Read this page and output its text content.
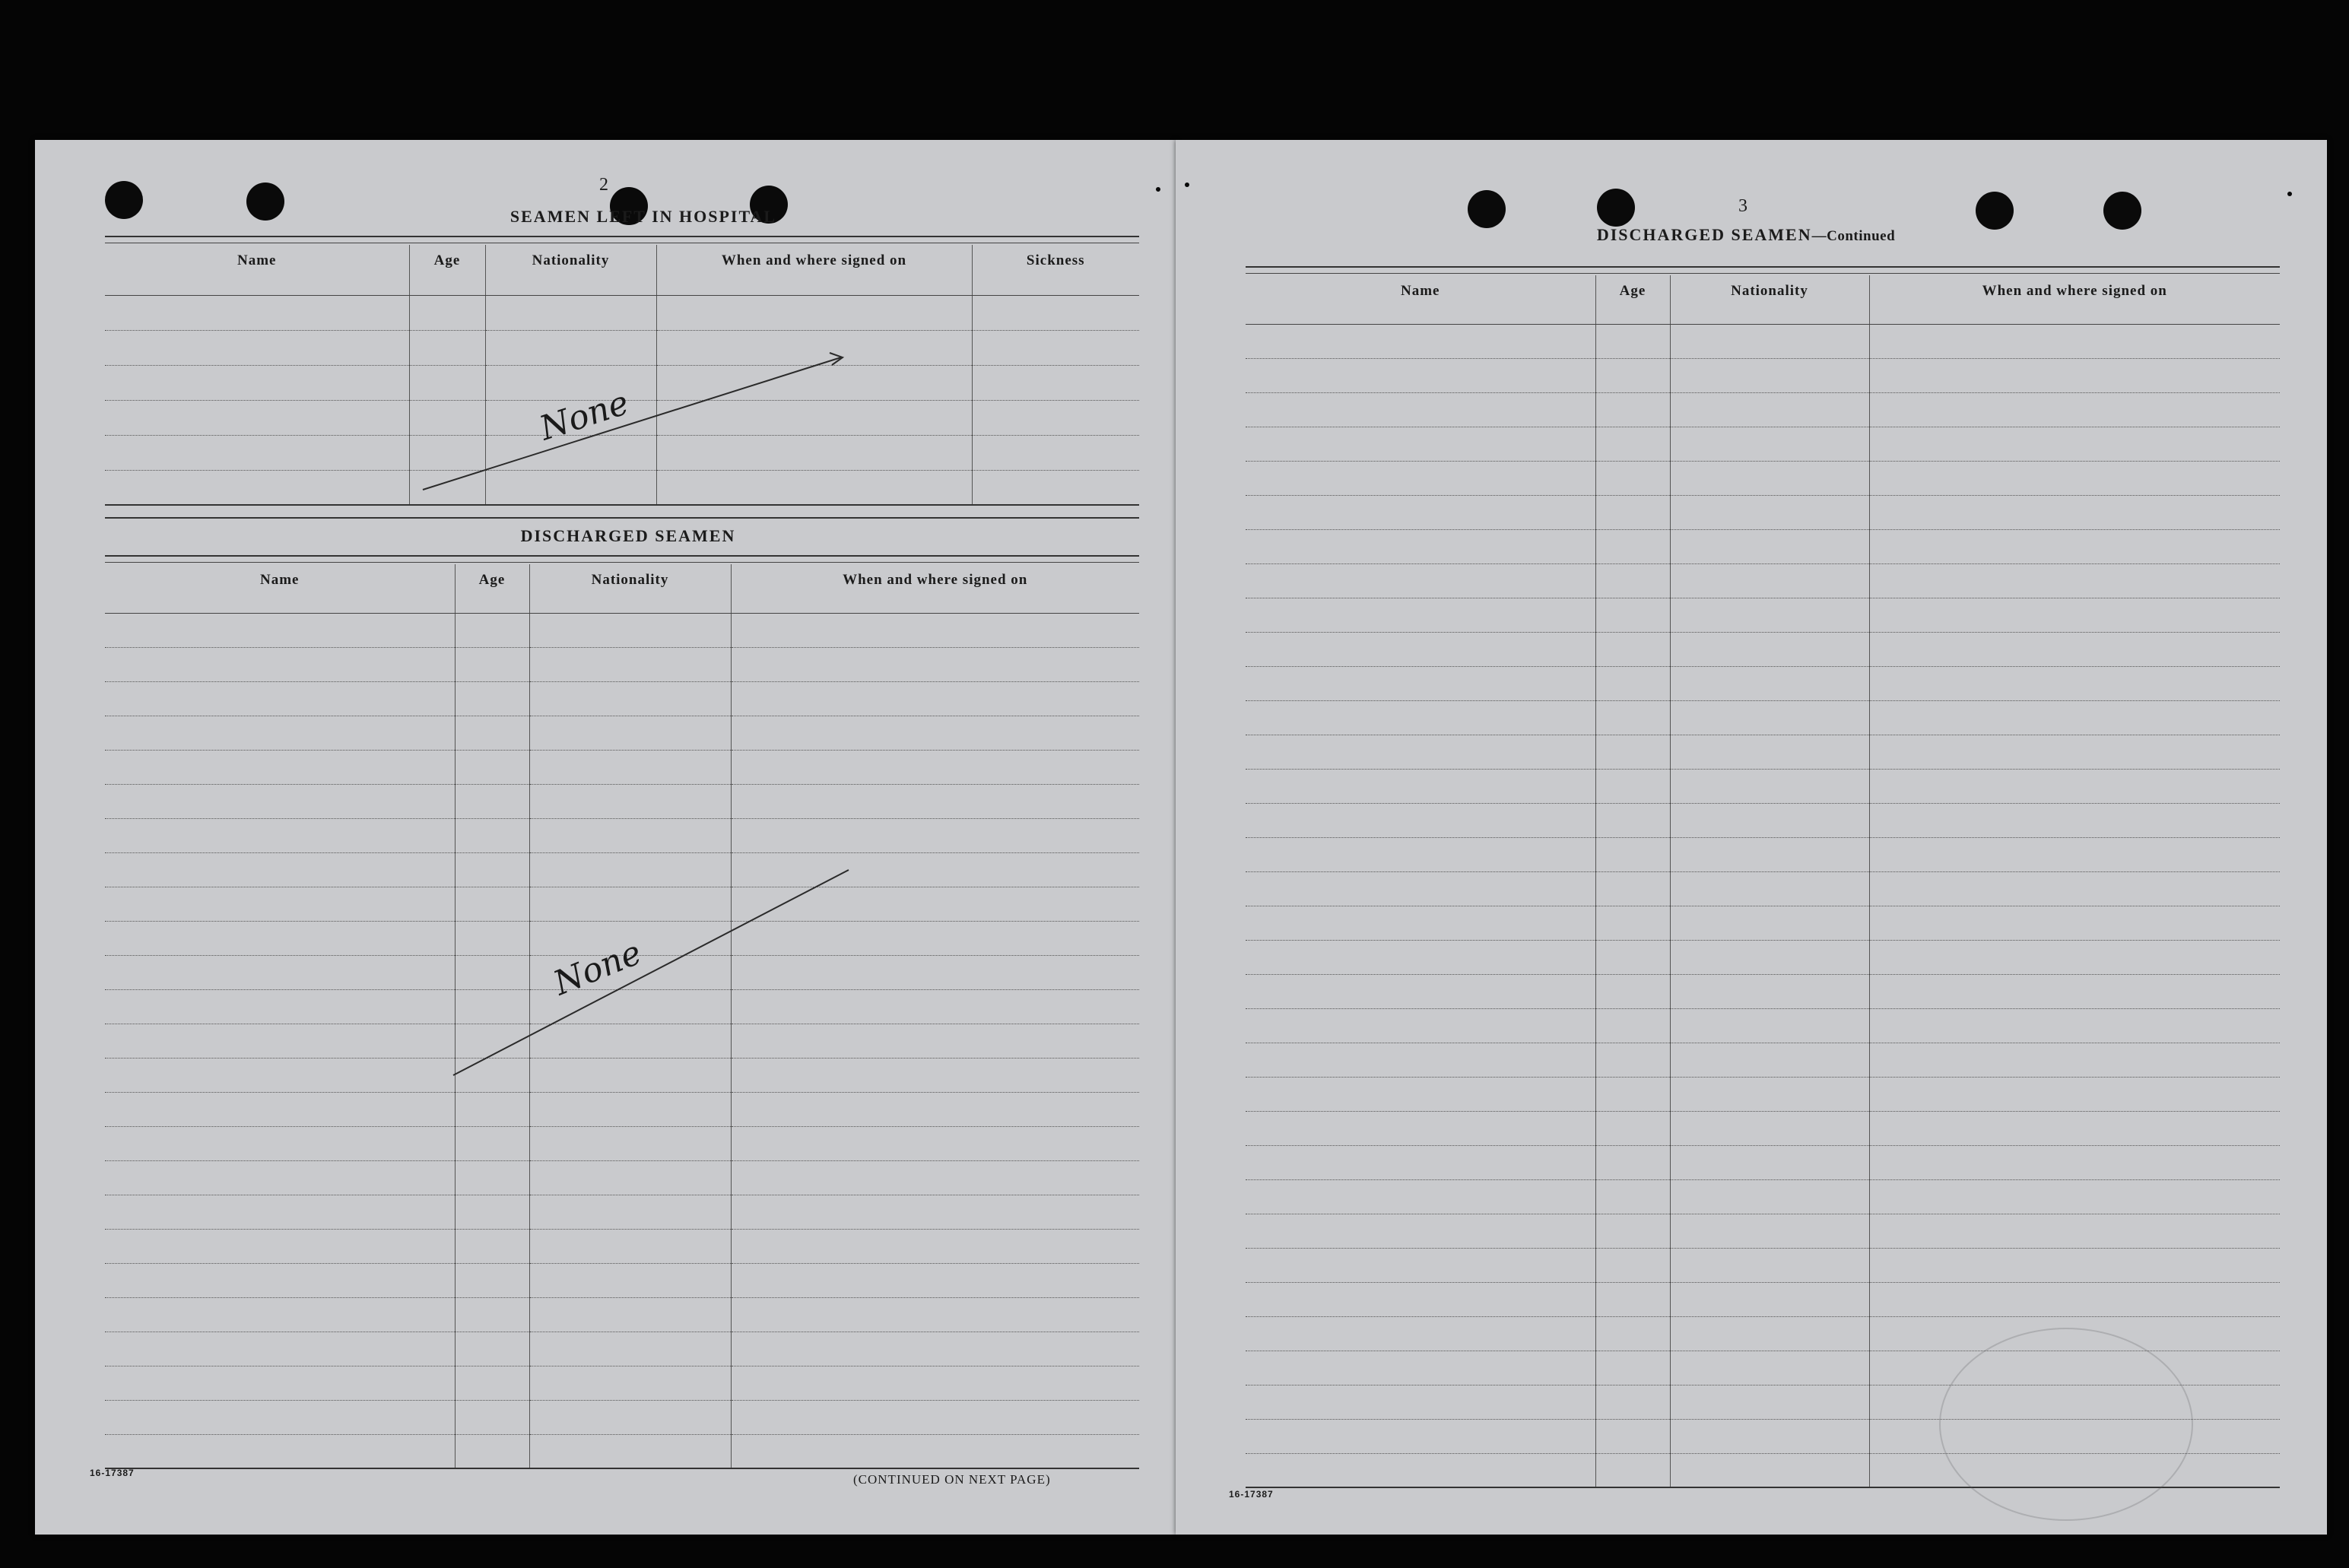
2
SEAMEN LEFT IN HOSPITAL
Name	Age	Nationality	When and where signed on	Sickness

DISCHARGED SEAMEN
Name	Age	Nationality	When and where signed on

16-17387	(CONTINUED ON NEXT PAGE)
None
None
3
DISCHARGED SEAMEN—Continued
Name	Age	Nationality	When and where signed on

16-17387
